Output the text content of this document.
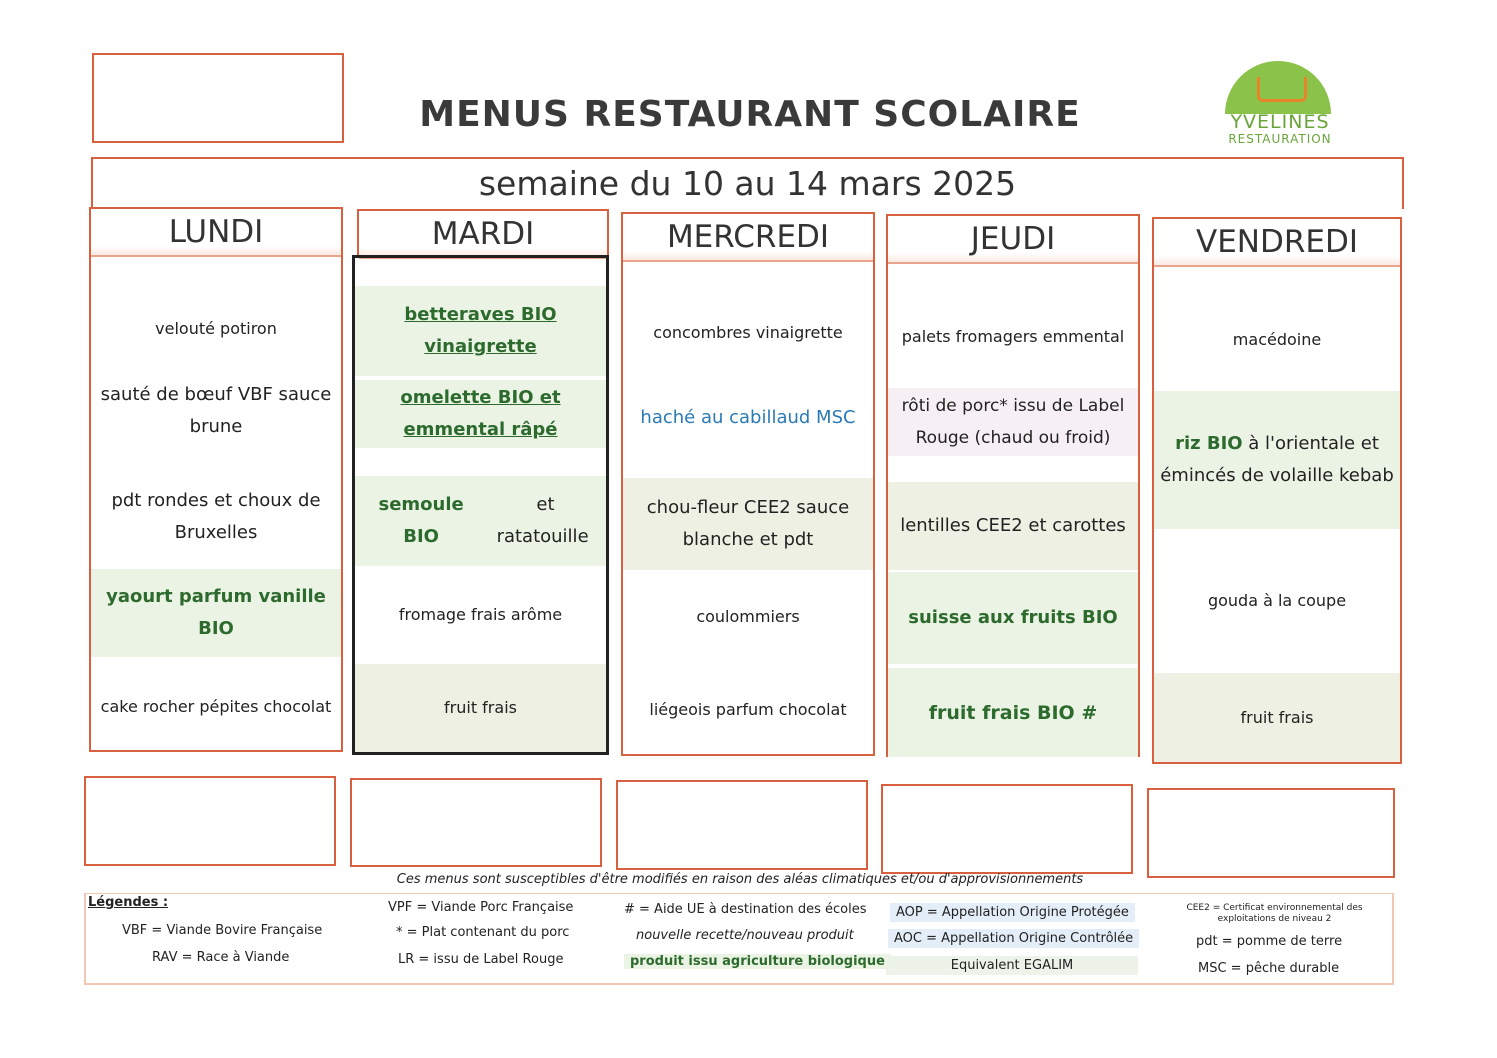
MENUS RESTAURANT SCOLAIRE	YVELINES
RESTAURATION
semaine du 10 au 14 mars 2025
LUNDI
velouté potiron
sauté de bœuf VBF sauce brune
pdt rondes et choux de Bruxelles
yaourt parfum vanille BIO
cake rocher pépites chocolat
MARDI
betteraves BIO vinaigrette
omelette BIO et emmental râpé
semoule BIO
et ratatouille
fromage frais arôme
fruit frais
MERCREDI
concombres vinaigrette
haché au cabillaud MSC
chou-fleur CEE2 sauce blanche et pdt
coulommiers
liégeois parfum chocolat
JEUDI
palets fromagers emmental
rôti de porc* issu de Label Rouge (chaud ou froid)
lentilles CEE2 et carottes
suisse aux fruits BIO
fruit frais BIO #
VENDREDI
macédoine
riz BIO à l'orientale et émincés de volaille kebab
gouda à la coupe
fruit frais
Ces menus sont susceptibles d'être modifiés en raison des aléas climatiques et/ou d'approvisionnements
Légendes :
VBF = Viande Bovire Française
RAV = Race à Viande
VPF = Viande Porc Française
* = Plat contenant du porc
LR = issu de Label Rouge
# = Aide UE à destination des écoles
nouvelle recette/nouveau produit
produit issu agriculture biologique
AOP = Appellation Origine Protégée
AOC = Appellation Origine Contrôlée
Equivalent EGALIM
CEE2 = Certificat environnemental des exploitations de niveau 2
pdt = pomme de terre
MSC = pêche durable
